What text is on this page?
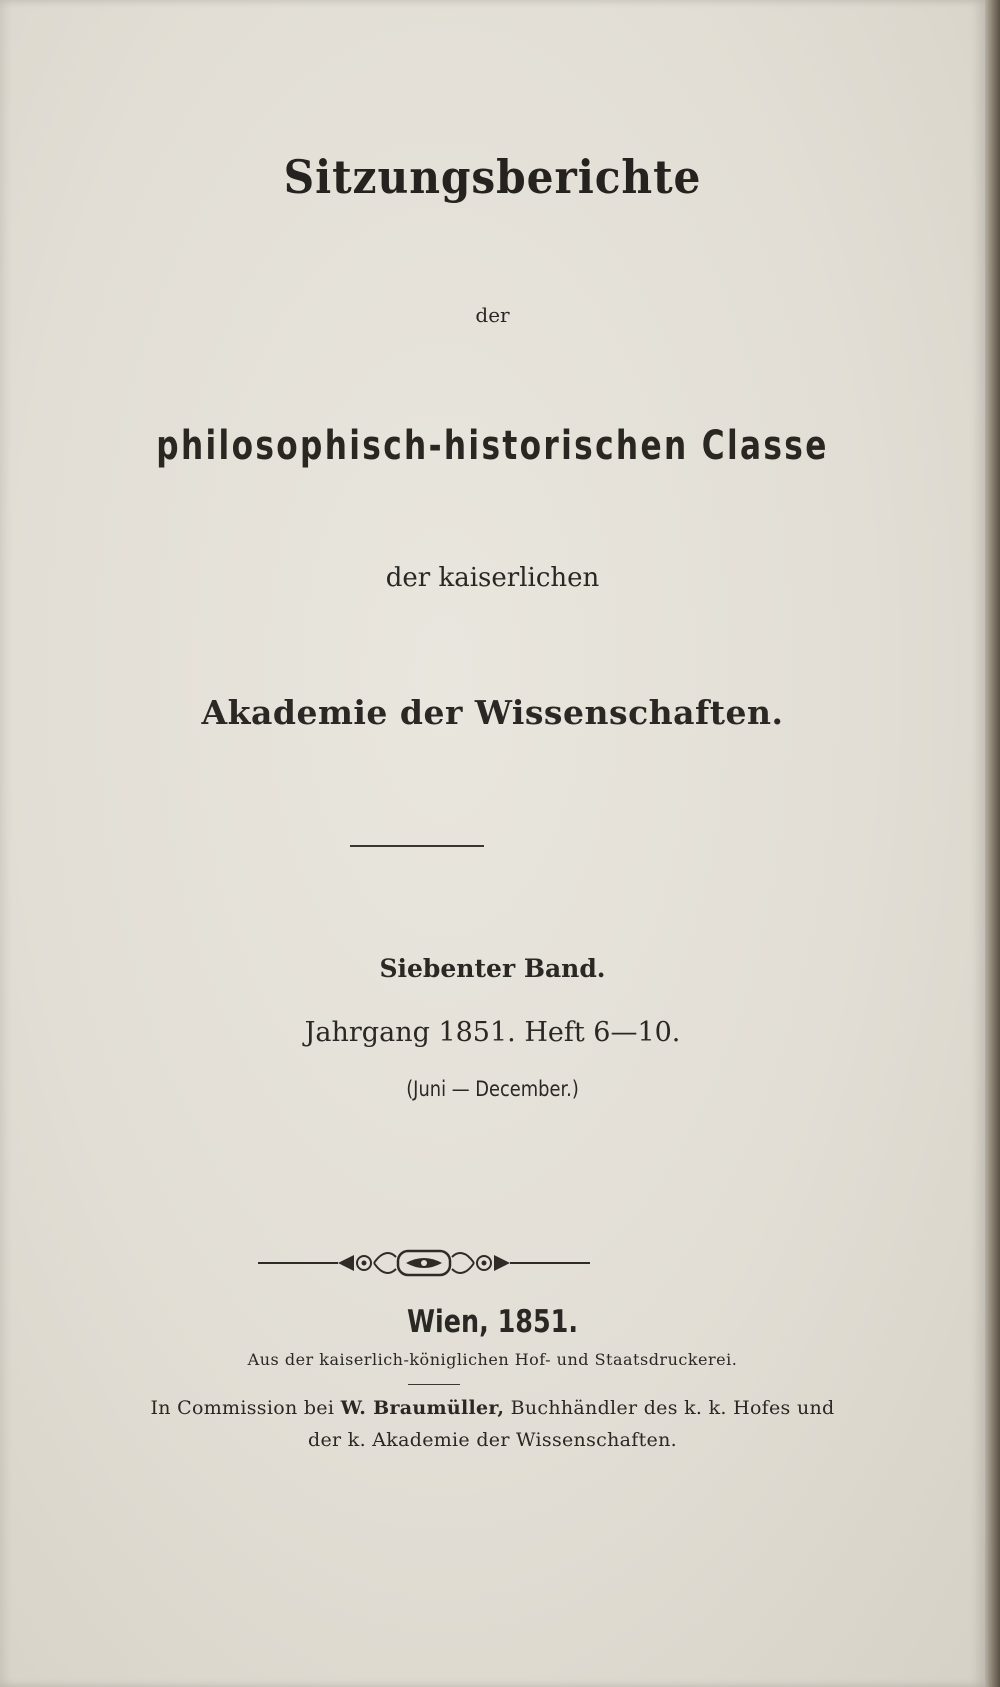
Sitzungsberichte
der
philosophisch-historischen Classe
der kaiserlichen
Akademie der Wissenschaften.
Siebenter Band.
Jahrgang 1851. Heft 6—10.
(Juni — December.)
Wien, 1851.
Aus der kaiserlich-königlichen Hof- und Staatsdruckerei.
In Commission bei W. Braumüller, Buchhändler des k. k. Hofes und
der k. Akademie der Wissenschaften.
